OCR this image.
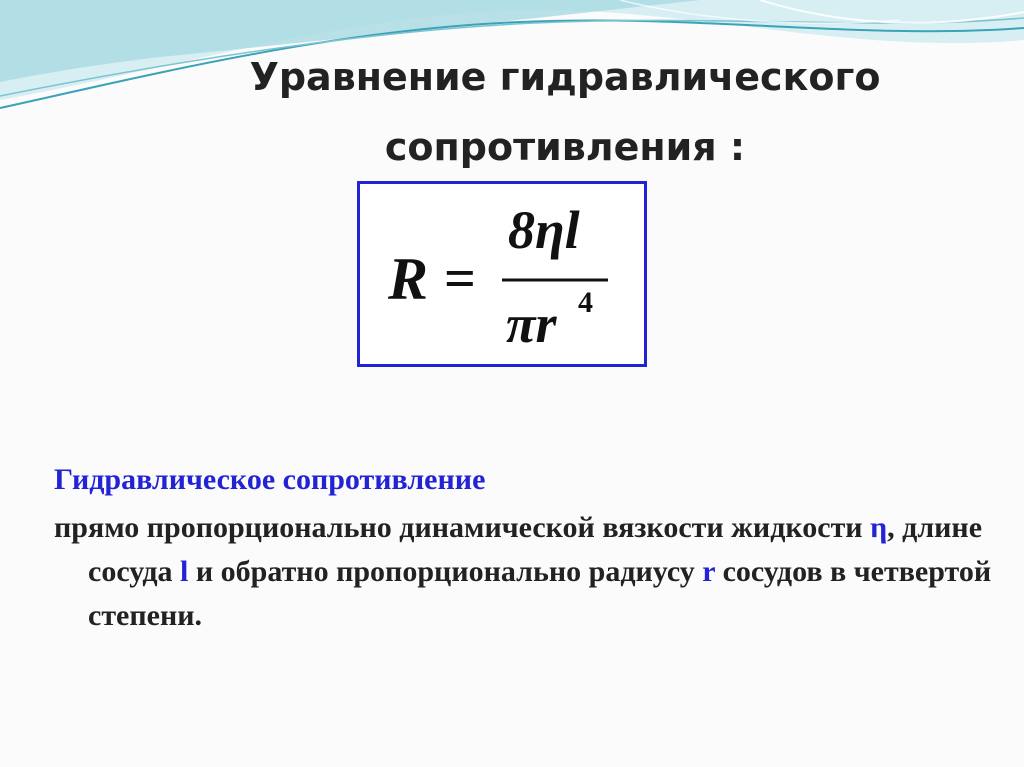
Уравнение гидравлического сопротивления :
R =
8ηl
πr 4
Гидравлическое сопротивление
прямо пропорционально динамической вязкости жидкости η, длине сосуда l и обратно пропорционально радиусу r сосудов в четвертой степени.
